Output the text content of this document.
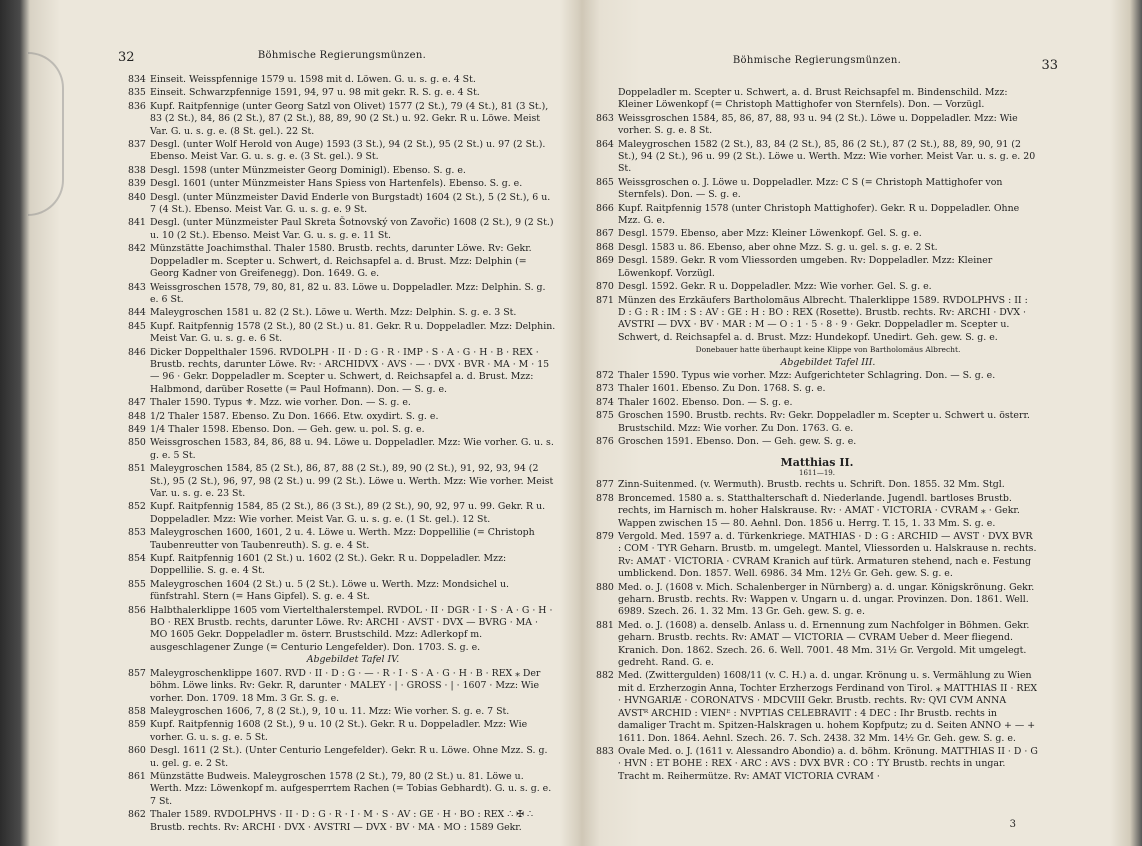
32	Böhmische Regierungsmünzen.
834 Einseit. Weisspfennige 1579 u. 1598 mit d. Löwen. G. u. s. g. e. 4 St.
835 Einseit. Schwarzpfennige 1591, 94, 97 u. 98 mit gekr. R. S. g. e. 4 St.
836 Kupf. Raitpfennige (unter Georg Satzl von Olivet) 1577 (2 St.), 79 (4 St.), 81 (3 St.), 83 (2 St.), 84, 86 (2 St.), 87 (2 St.), 88, 89, 90 (2 St.) u. 92. Gekr. R u. Löwe. Meist Var. G. u. s. g. e. (8 St. gel.). 22 St.
837 Desgl. (unter Wolf Herold von Auge) 1593 (3 St.), 94 (2 St.), 95 (2 St.) u. 97 (2 St.). Ebenso. Meist Var. G. u. s. g. e. (3 St. gel.). 9 St.
838 Desgl. 1598 (unter Münzmeister Georg Dominigl). Ebenso. S. g. e.
839 Desgl. 1601 (unter Münzmeister Hans Spiess von Hartenfels). Ebenso. S. g. e.
840 Desgl. (unter Münzmeister David Enderle von Burgstadt) 1604 (2 St.), 5 (2 St.), 6 u. 7 (4 St.). Ebenso. Meist Var. G. u. s. g. e. 9 St.
841 Desgl. (unter Münzmeister Paul Skreta Šotnovský von Zavořic) 1608 (2 St.), 9 (2 St.) u. 10 (2 St.). Ebenso. Meist Var. G. u. s. g. e. 11 St.
842 Münzstätte Joachimsthal. Thaler 1580. Brustb. rechts, darunter Löwe. Rv: Gekr. Doppeladler m. Scepter u. Schwert, d. Reichsapfel a. d. Brust. Mzz: Delphin (= Georg Kadner von Greifenegg). Don. 1649. G. e.
843 Weissgroschen 1578, 79, 80, 81, 82 u. 83. Löwe u. Doppeladler. Mzz: Delphin. S. g. e. 6 St.
844 Maleygroschen 1581 u. 82 (2 St.). Löwe u. Werth. Mzz: Delphin. S. g. e. 3 St.
845 Kupf. Raitpfennig 1578 (2 St.), 80 (2 St.) u. 81. Gekr. R u. Doppeladler. Mzz: Delphin. Meist Var. G. u. s. g. e. 6 St.
846 Dicker Doppelthaler 1596. RVDOLPH · II · D : G · R · IMP · S · A · G · H · B · REX · Brustb. rechts, darunter Löwe. Rv: · ARCHIDVX · AVS · — · DVX · BVR · MA · M · 15 — 96 · Gekr. Doppeladler m. Scepter u. Schwert, d. Reichsapfel a. d. Brust. Mzz: Halbmond, darüber Rosette (= Paul Hofmann). Don. — S. g. e.
847 Thaler 1590. Typus ⚜. Mzz. wie vorher. Don. — S. g. e.
848 1/2 Thaler 1587. Ebenso. Zu Don. 1666. Etw. oxydirt. S. g. e.
849 1/4 Thaler 1598. Ebenso. Don. — Geh. gew. u. pol. S. g. e.
850 Weissgroschen 1583, 84, 86, 88 u. 94. Löwe u. Doppeladler. Mzz: Wie vorher. G. u. s. g. e. 5 St.
851 Maleygroschen 1584, 85 (2 St.), 86, 87, 88 (2 St.), 89, 90 (2 St.), 91, 92, 93, 94 (2 St.), 95 (2 St.), 96, 97, 98 (2 St.) u. 99 (2 St.). Löwe u. Werth. Mzz: Wie vorher. Meist Var. u. s. g. e. 23 St.
852 Kupf. Raitpfennig 1584, 85 (2 St.), 86 (3 St.), 89 (2 St.), 90, 92, 97 u. 99. Gekr. R u. Doppeladler. Mzz: Wie vorher. Meist Var. G. u. s. g. e. (1 St. gel.). 12 St.
853 Maleygroschen 1600, 1601, 2 u. 4. Löwe u. Werth. Mzz: Doppellilie (= Christoph Taubenreutter von Taubenreuth). S. g. e. 4 St.
854 Kupf. Raitpfennig 1601 (2 St.) u. 1602 (2 St.). Gekr. R u. Doppeladler. Mzz: Doppellilie. S. g. e. 4 St.
855 Maleygroschen 1604 (2 St.) u. 5 (2 St.). Löwe u. Werth. Mzz: Mondsichel u. fünfstrahl. Stern (= Hans Gipfel). S. g. e. 4 St.
856 Halbthalerklippe 1605 vom Viertelthalerstempel. RVDOL · II · DGR · I · S · A · G · H · BO · REX Brustb. rechts, darunter Löwe. Rv: ARCHI · AVST · DVX — BVRG · MA · MO 1605 Gekr. Doppeladler m. österr. Brustschild. Mzz: Adlerkopf m. ausgeschlagener Zunge (= Centurio Lengefelder). Don. 1703. S. g. e.
Abgebildet Tafel IV.
857 Maleygroschenklippe 1607. RVD · II · D : G · — · R · I · S · A · G · H · B · REX ⁎ Der böhm. Löwe links. Rv: Gekr. R, darunter · MALEY · | · GROSS · | · 1607 · Mzz: Wie vorher. Don. 1709. 18 Mm. 3 Gr. S. g. e.
858 Maleygroschen 1606, 7, 8 (2 St.), 9, 10 u. 11. Mzz: Wie vorher. S. g. e. 7 St.
859 Kupf. Raitpfennig 1608 (2 St.), 9 u. 10 (2 St.). Gekr. R u. Doppeladler. Mzz: Wie vorher. G. u. s. g. e. 5 St.
860 Desgl. 1611 (2 St.). (Unter Centurio Lengefelder). Gekr. R u. Löwe. Ohne Mzz. S. g. u. gel. g. e. 2 St.
861 Münzstätte Budweis. Maleygroschen 1578 (2 St.), 79, 80 (2 St.) u. 81. Löwe u. Werth. Mzz: Löwenkopf m. aufgesperrtem Rachen (= Tobias Gebhardt). G. u. s. g. e. 7 St.
862 Thaler 1589. RVDOLPHVS · II · D : G · R · I · M · S · AV : GE · H · BO : REX ∴ ✠ ∴ Brustb. rechts. Rv: ARCHI · DVX · AVSTRI — DVX · BV · MA · MO : 1589 Gekr.
33
Böhmische Regierungsmünzen.
Doppeladler m. Scepter u. Schwert, a. d. Brust Reichsapfel m. Bindenschild. Mzz: Kleiner Löwenkopf (= Christoph Mattighofer von Sternfels). Don. — Vorzügl.
863 Weissgroschen 1584, 85, 86, 87, 88, 93 u. 94 (2 St.). Löwe u. Doppeladler. Mzz: Wie vorher. S. g. e. 8 St.
864 Maleygroschen 1582 (2 St.), 83, 84 (2 St.), 85, 86 (2 St.), 87 (2 St.), 88, 89, 90, 91 (2 St.), 94 (2 St.), 96 u. 99 (2 St.). Löwe u. Werth. Mzz: Wie vorher. Meist Var. u. s. g. e. 20 St.
865 Weissgroschen o. J. Löwe u. Doppeladler. Mzz: C S (= Christoph Mattighofer von Sternfels). Don. — S. g. e.
866 Kupf. Raitpfennig 1578 (unter Christoph Mattighofer). Gekr. R u. Doppeladler. Ohne Mzz. G. e.
867 Desgl. 1579. Ebenso, aber Mzz: Kleiner Löwenkopf. Gel. S. g. e.
868 Desgl. 1583 u. 86. Ebenso, aber ohne Mzz. S. g. u. gel. s. g. e. 2 St.
869 Desgl. 1589. Gekr. R vom Vliessorden umgeben. Rv: Doppeladler. Mzz: Kleiner Löwenkopf. Vorzügl.
870 Desgl. 1592. Gekr. R u. Doppeladler. Mzz: Wie vorher. Gel. S. g. e.
871 Münzen des Erzkäufers Bartholomäus Albrecht. Thalerklippe 1589. RVDOLPHVS : II : D : G : R : IM : S : AV : GE : H : BO : REX (Rosette). Brustb. rechts. Rv: ARCHI · DVX · AVSTRI — DVX · BV · MAR : M — O : 1 · 5 · 8 · 9 · Gekr. Doppeladler m. Scepter u. Schwert, d. Reichsapfel a. d. Brust. Mzz: Hundekopf. Unedirt. Geh. gew. S. g. e.
Donebauer hatte überhaupt keine Klippe von Bartholomäus Albrecht.
Abgebildet Tafel III.
872 Thaler 1590. Typus wie vorher. Mzz: Aufgerichteter Schlagring. Don. — S. g. e.
873 Thaler 1601. Ebenso. Zu Don. 1768. S. g. e.
874 Thaler 1602. Ebenso. Don. — S. g. e.
875 Groschen 1590. Brustb. rechts. Rv: Gekr. Doppeladler m. Scepter u. Schwert u. österr. Brustschild. Mzz: Wie vorher. Zu Don. 1763. G. e.
876 Groschen 1591. Ebenso. Don. — Geh. gew. S. g. e.
Matthias II.
1611—19.
877 Zinn-Suitenmed. (v. Wermuth). Brustb. rechts u. Schrift. Don. 1855. 32 Mm. Stgl.
878 Broncemed. 1580 a. s. Statthalterschaft d. Niederlande. Jugendl. bartloses Brustb. rechts, im Harnisch m. hoher Halskrause. Rv: · AMAT · VICTORIA · CVRAM ⁎ · Gekr. Wappen zwischen 15 — 80. Aehnl. Don. 1856 u. Herrg. T. 15, 1. 33 Mm. S. g. e.
879 Vergold. Med. 1597 a. d. Türkenkriege. MATHIAS · D : G : ARCHID — AVST · DVX BVR : COM · TYR Geharn. Brustb. m. umgelegt. Mantel, Vliessorden u. Halskrause n. rechts. Rv: AMAT · VICTORIA · CVRAM Kranich auf türk. Armaturen stehend, nach e. Festung umblickend. Don. 1857. Well. 6986. 34 Mm. 12½ Gr. Geh. gew. S. g. e.
880 Med. o. J. (1608 v. Mich. Schalenberger in Nürnberg) a. d. ungar. Königskrönung. Gekr. geharn. Brustb. rechts. Rv: Wappen v. Ungarn u. d. ungar. Provinzen. Don. 1861. Well. 6989. Szech. 26. 1. 32 Mm. 13 Gr. Geh. gew. S. g. e.
881 Med. o. J. (1608) a. denselb. Anlass u. d. Ernennung zum Nachfolger in Böhmen. Gekr. geharn. Brustb. rechts. Rv: AMAT — VICTORIA — CVRAM Ueber d. Meer fliegend. Kranich. Don. 1862. Szech. 26. 6. Well. 7001. 48 Mm. 31½ Gr. Vergold. Mit umgelegt. gedreht. Rand. G. e.
882 Med. (Zwittergulden) 1608/11 (v. C. H.) a. d. ungar. Krönung u. s. Vermählung zu Wien mit d. Erzherzogin Anna, Tochter Erzherzogs Ferdinand von Tirol. ⁎ MATTHIAS II · REX · HVNGARIÆ · CORONATVS · MDCVIII Gekr. Brustb. rechts. Rv: QVI CVM ANNA AVSTᴿ ARCHID : VIENᴱ : NVPTIAS CELEBRAVIT : 4 DEC : Ihr Brustb. rechts in damaliger Tracht m. Spitzen-Halskragen u. hohem Kopfputz; zu d. Seiten ANNO + — + 1611. Don. 1864. Aehnl. Szech. 26. 7. Sch. 2438. 32 Mm. 14½ Gr. Geh. gew. S. g. e.
883 Ovale Med. o. J. (1611 v. Alessandro Abondio) a. d. böhm. Krönung. MATTHIAS II · D · G · HVN : ET BOHE : REX · ARC : AVS : DVX BVR : CO : TY Brustb. rechts in ungar. Tracht m. Reihermütze. Rv: AMAT VICTORIA CVRAM ·
3
